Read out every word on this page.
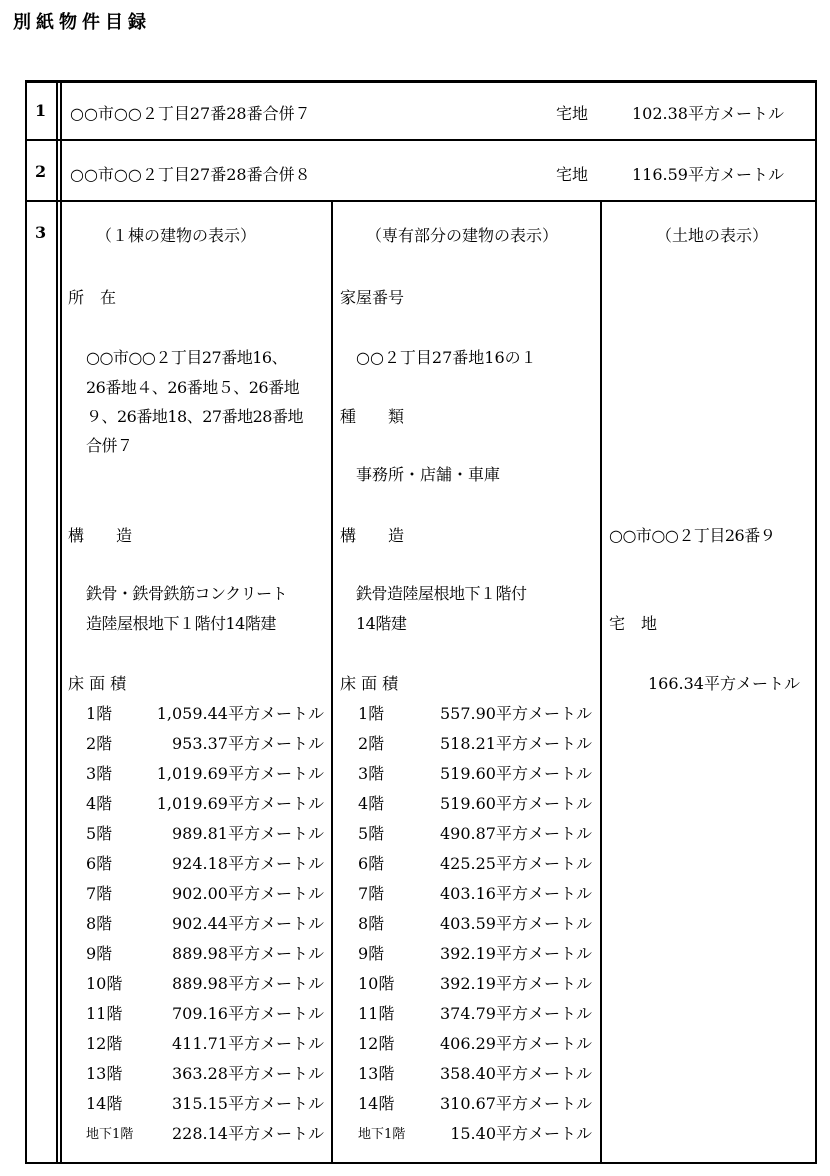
別紙物件目録
1 ○○市○○２丁目27番28番合併７	宅地	102.38平方メートル
2 ○○市○○２丁目27番28番合併８	宅地	116.59平方メートル
3	（１棟の建物の表示）
所　在
○○市○○２丁目27番地16、
26番地４、26番地５、26番地
９、26番地18、27番地28番地
合併７
構　　造
鉄骨・鉄骨鉄筋コンクリート
造陸屋根地下１階付14階建
床 面 積
1階	1,059.44平方メートル
2階	953.37平方メートル
3階	1,019.69平方メートル
4階	1,019.69平方メートル
5階	989.81平方メートル
6階	924.18平方メートル
7階	902.00平方メートル
8階	902.44平方メートル
9階	889.98平方メートル
10階	889.98平方メートル
11階	709.16平方メートル
12階	411.71平方メートル
13階	363.28平方メートル
14階	315.15平方メートル
地下1階 228.14平方メートル
（専有部分の建物の表示）
家屋番号
○○２丁目27番地16の１
種　　類
事務所・店舗・車庫
構　　造
鉄骨造陸屋根地下１階付
14階建
床 面 積
1階	557.90平方メートル
2階	518.21平方メートル
3階	519.60平方メートル
4階	519.60平方メートル
5階	490.87平方メートル
6階	425.25平方メートル
7階	403.16平方メートル
8階	403.59平方メートル
9階	392.19平方メートル
10階	392.19平方メートル
11階	374.79平方メートル
12階	406.29平方メートル
13階	358.40平方メートル
14階	310.67平方メートル
地下1階	15.40平方メートル
（土地の表示）
○○市○○２丁目26番９
宅　地
166.34平方メートル
